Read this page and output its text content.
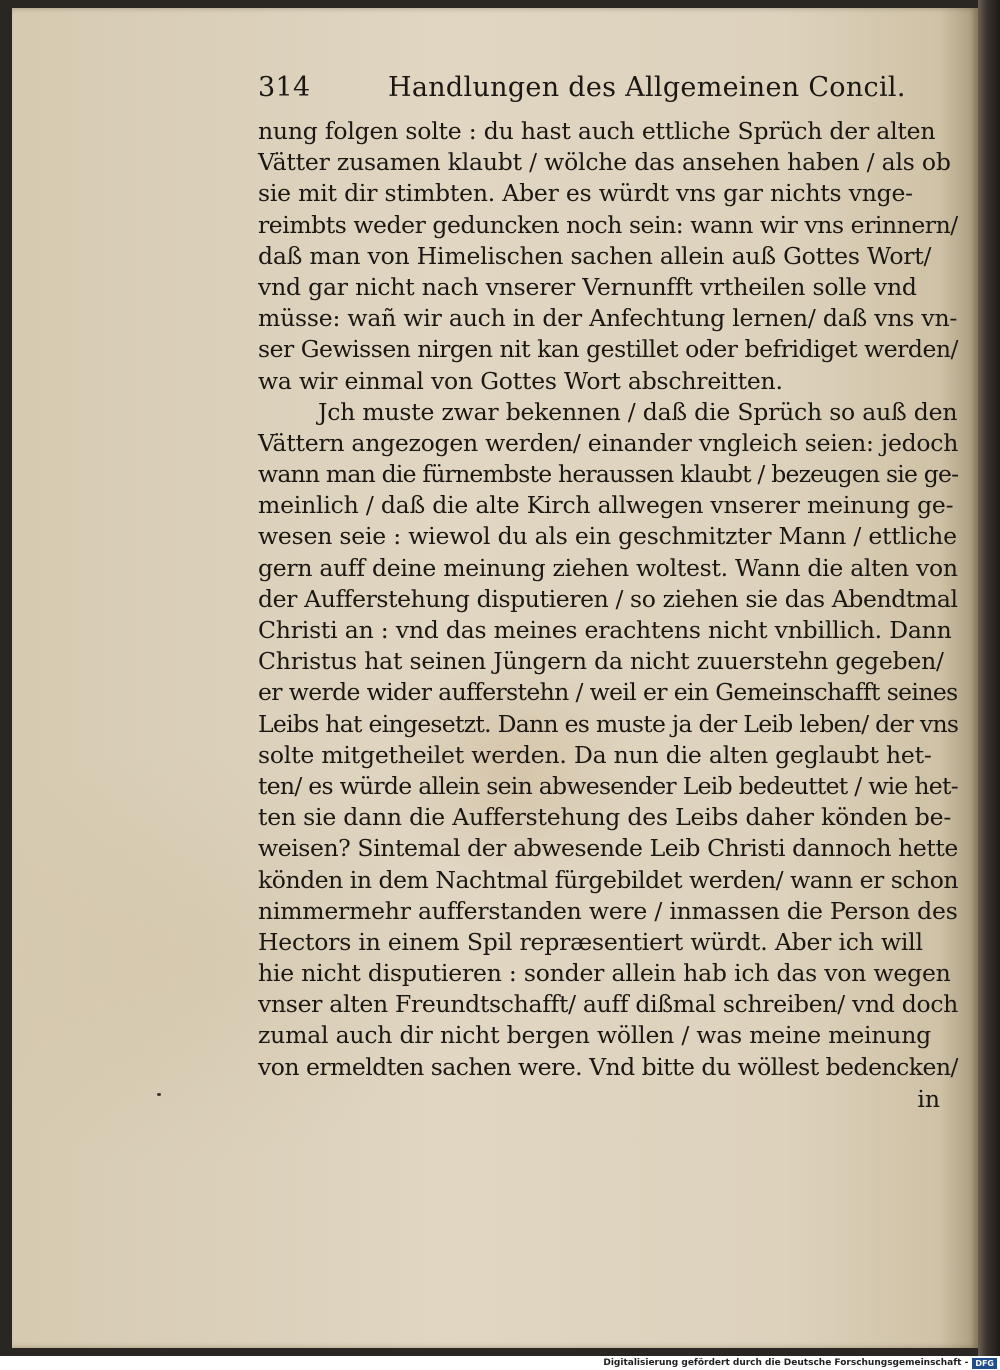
314	Handlungen des Allgemeinen Concil.
nung folgen solte : du hast auch ettliche Sprüch der alten
Vätter zusamen klaubt / wölche das ansehen haben / als ob
sie mit dir stimbten. Aber es würdt vns gar nichts vnge-
reimbts weder geduncken noch sein: wann wir vns erinnern/
daß man von Himelischen sachen allein auß Gottes Wort/
vnd gar nicht nach vnserer Vernunfft vrtheilen solle vnd
müsse: wañ wir auch in der Anfechtung lernen/ daß vns vn-
ser Gewissen nirgen nit kan gestillet oder befridiget werden/
wa wir einmal von Gottes Wort abschreitten.
Jch muste zwar bekennen / daß die Sprüch so auß den
Vättern angezogen werden/ einander vngleich seien: jedoch
wann man die fürnembste heraussen klaubt / bezeugen sie ge-
meinlich / daß die alte Kirch allwegen vnserer meinung ge-
wesen seie : wiewol du als ein geschmitzter Mann / ettliche
gern auff deine meinung ziehen woltest. Wann die alten von
der Aufferstehung disputieren / so ziehen sie das Abendtmal
Christi an : vnd das meines erachtens nicht vnbillich. Dann
Christus hat seinen Jüngern da nicht zuuerstehn gegeben/
er werde wider aufferstehn / weil er ein Gemeinschafft seines
Leibs hat eingesetzt. Dann es muste ja der Leib leben/ der vns
solte mitgetheilet werden. Da nun die alten geglaubt het-
ten/ es würde allein sein abwesender Leib bedeuttet / wie het-
ten sie dann die Aufferstehung des Leibs daher könden be-
weisen? Sintemal der abwesende Leib Christi dannoch hette
könden in dem Nachtmal fürgebildet werden/ wann er schon
nimmermehr aufferstanden were / inmassen die Person des
Hectors in einem Spil repræsentiert würdt. Aber ich will
hie nicht disputieren : sonder allein hab ich das von wegen
vnser alten Freundtschafft/ auff dißmal schreiben/ vnd doch
zumal auch dir nicht bergen wöllen / was meine meinung
von ermeldten sachen were. Vnd bitte du wöllest bedencken/
in
Digitalisierung gefördert durch die Deutsche Forschungsgemeinschaft - DFG
